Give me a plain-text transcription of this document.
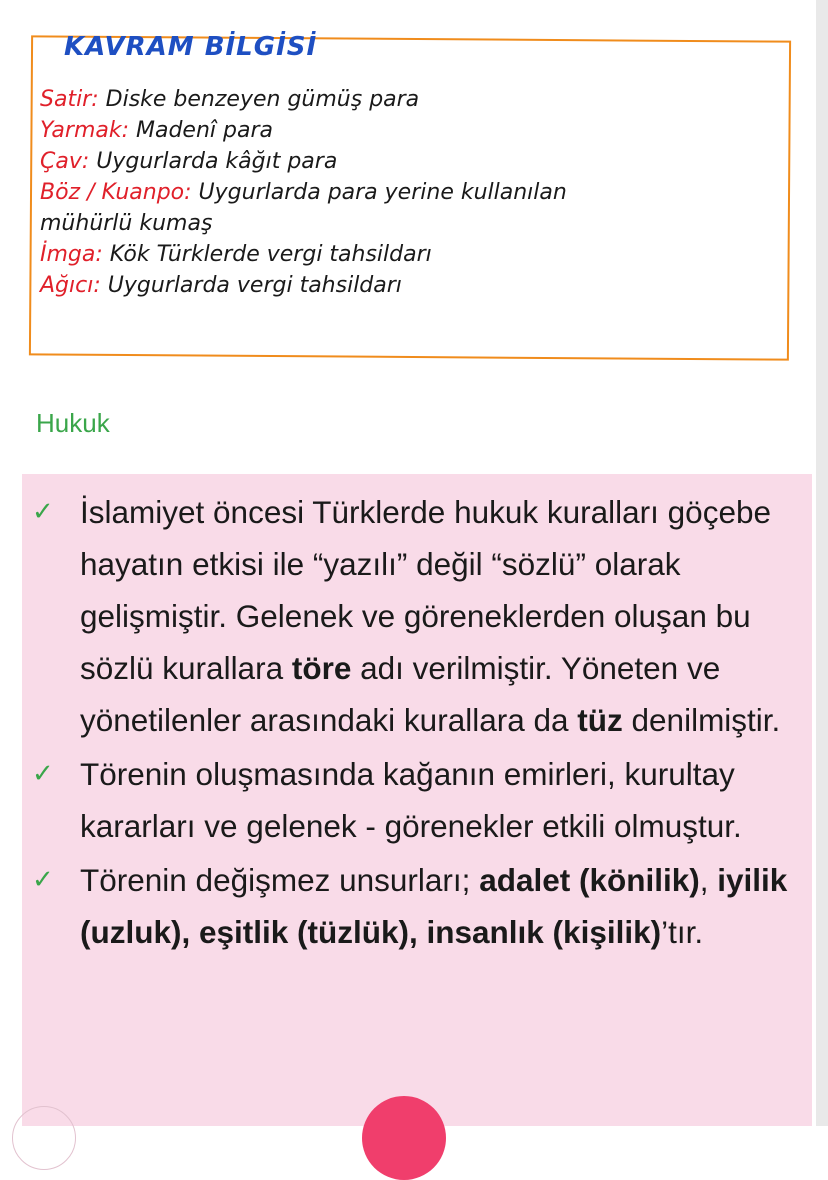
KAVRAM BİLGİSİ
Satir: Diske benzeyen gümüş para
Yarmak: Madenî para
Çav: Uygurlarda kâğıt para
Böz / Kuanpo: Uygurlarda para yerine kullanılan
mühürlü kumaş
İmga: Kök Türklerde vergi tahsildarı
Ağıcı: Uygurlarda vergi tahsildarı
Hukuk
✓ İslamiyet öncesi Türklerde hukuk kuralları göçebe hayatın etkisi ile “yazılı” değil “sözlü” olarak gelişmiştir. Gelenek ve göreneklerden oluşan bu sözlü kurallara töre adı verilmiştir. Yöneten ve yönetilenler arasındaki kurallara da tüz denilmiştir.
✓ Törenin oluşmasında kağanın emirleri, kurultay kararları ve gelenek - görenekler etkili olmuştur.
✓ Törenin değişmez unsurları; adalet (könilik), iyilik (uzluk), eşitlik (tüzlük), insanlık (kişilik)’tır.
